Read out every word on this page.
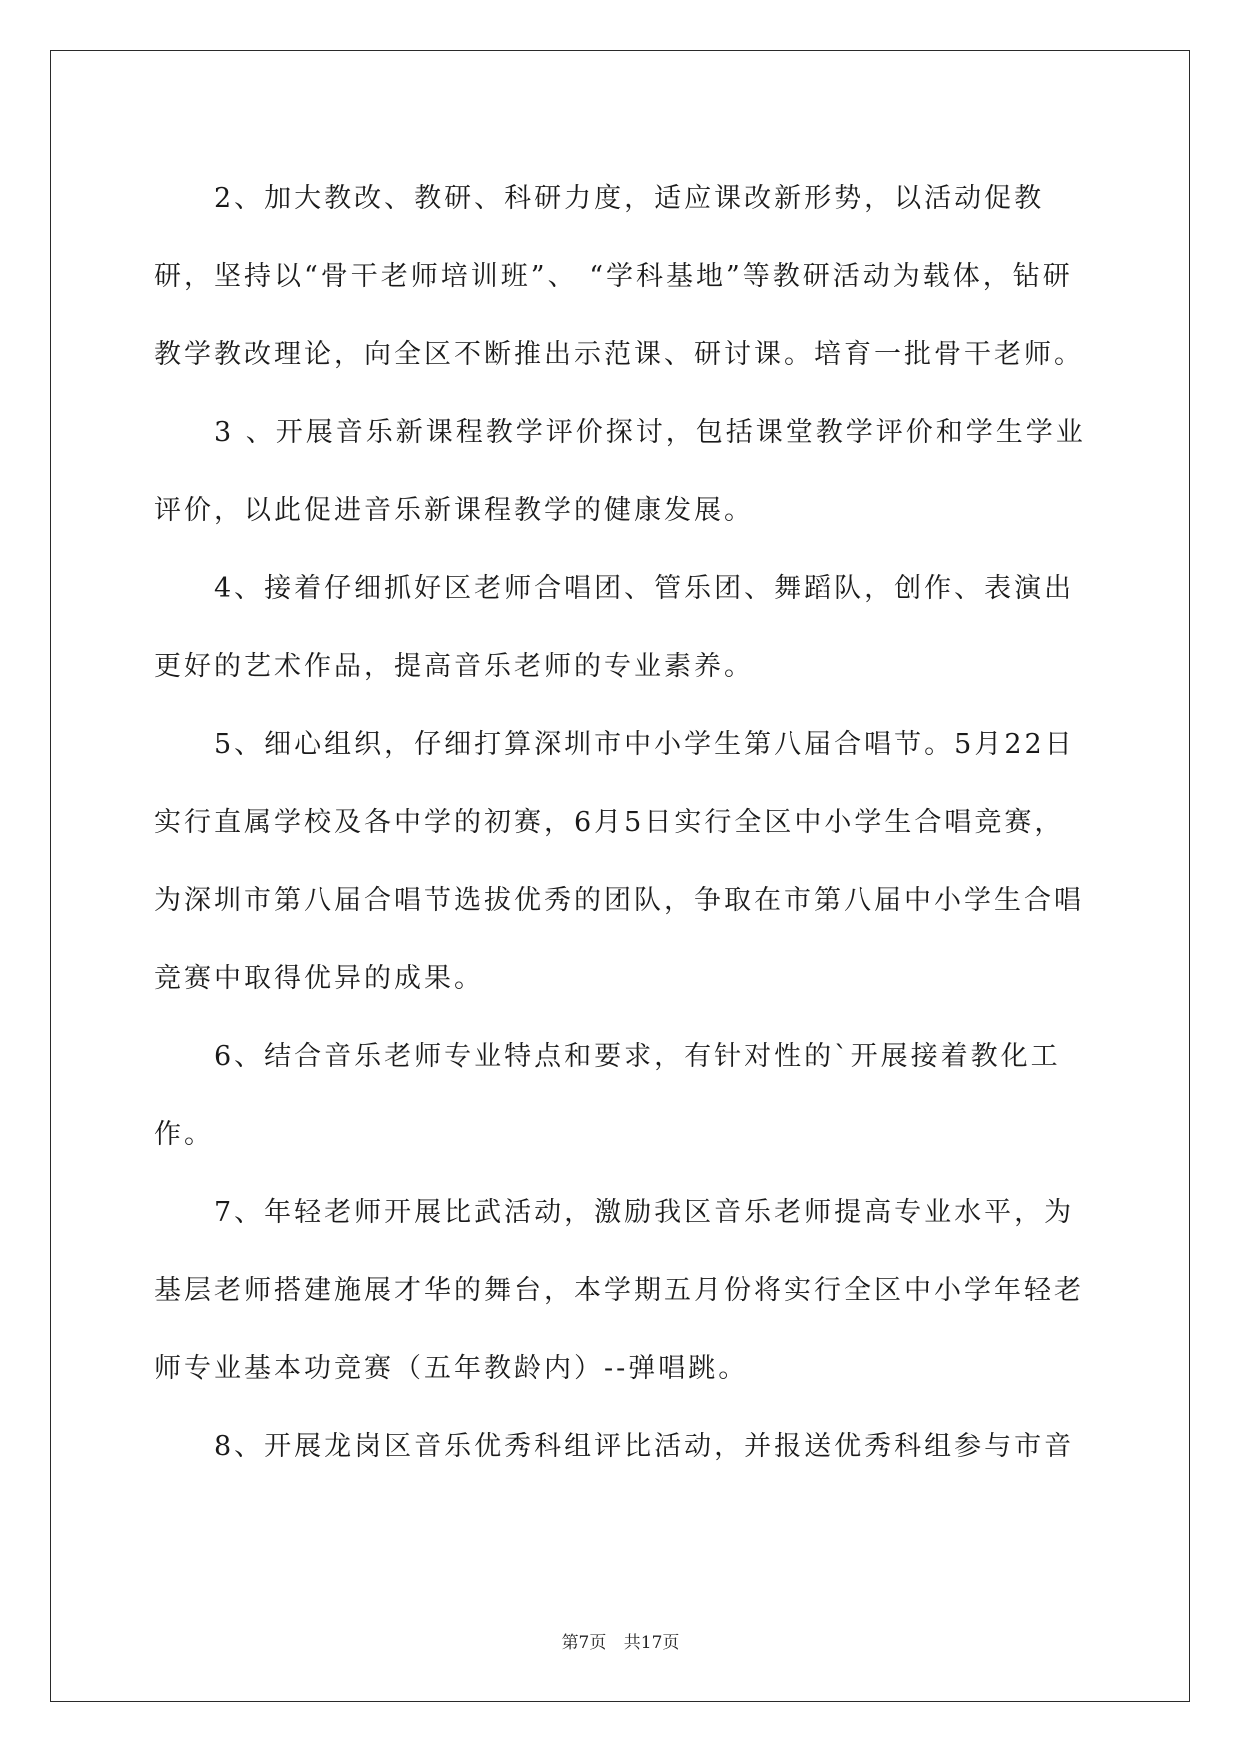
2、加大教改、教研、科研力度，适应课改新形势，以活动促教研，坚持以“骨干老师培训班”、 “学科基地”等教研活动为载体，钻研教学教改理论，向全区不断推出示范课、研讨课。培育一批骨干老师。

3 、开展音乐新课程教学评价探讨，包括课堂教学评价和学生学业评价，以此促进音乐新课程教学的健康发展。

4、接着仔细抓好区老师合唱团、管乐团、舞蹈队，创作、表演出更好的艺术作品，提高音乐老师的专业素养。

5、细心组织，仔细打算深圳市中小学生第八届合唱节。5月22日实行直属学校及各中学的初赛，6月5日实行全区中小学生合唱竞赛，为深圳市第八届合唱节选拔优秀的团队，争取在市第八届中小学生合唱竞赛中取得优异的成果。

6、结合音乐老师专业特点和要求，有针对性的`开展接着教化工作。

7、年轻老师开展比武活动，激励我区音乐老师提高专业水平，为基层老师搭建施展才华的舞台，本学期五月份将实行全区中小学年轻老师专业基本功竞赛（五年教龄内）--弹唱跳。

8、开展龙岗区音乐优秀科组评比活动，并报送优秀科组参与市音

第7页 共17页
